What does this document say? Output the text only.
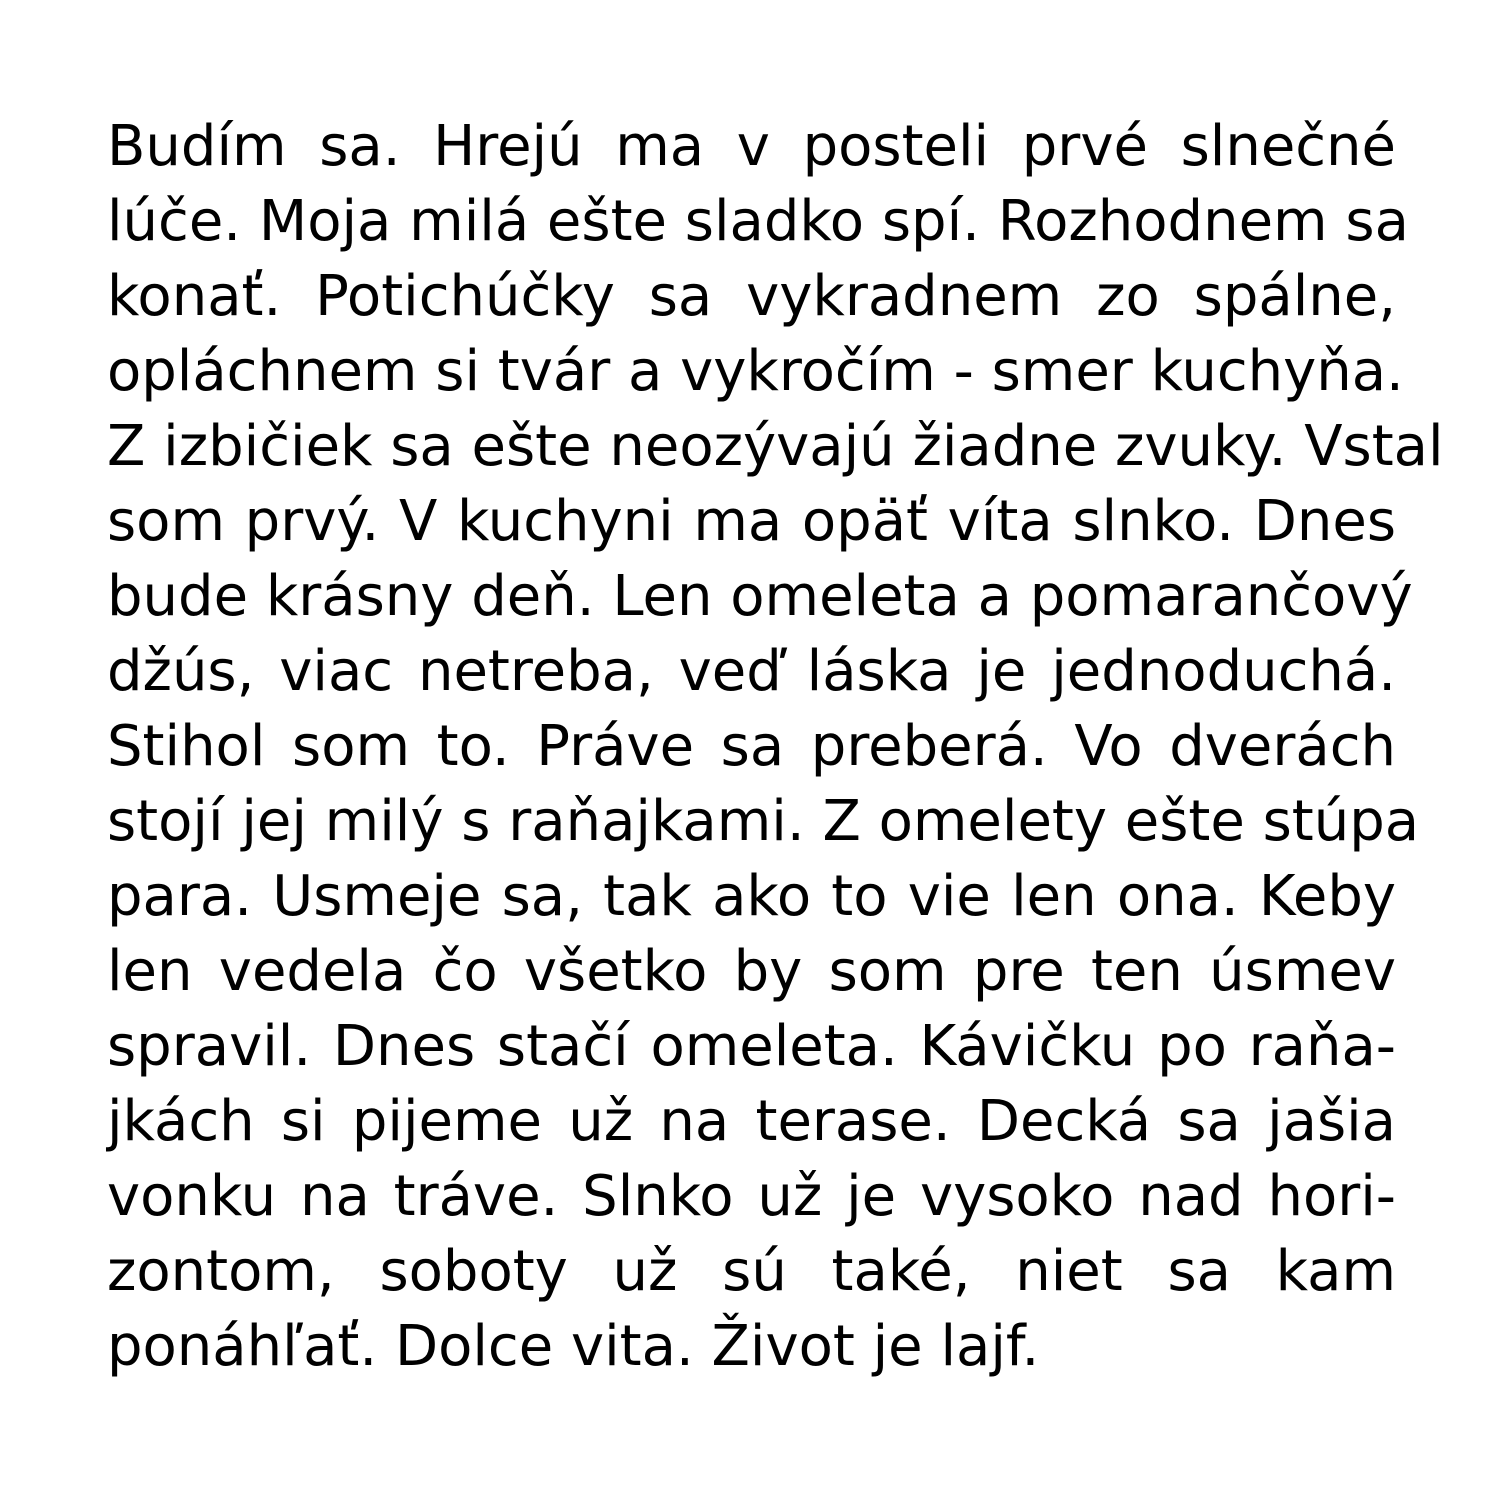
Budím sa. Hrejú ma v posteli prvé slnečné
lúče. Moja milá ešte sladko spí. Rozhodnem sa
konať. Potichúčky sa vykradnem zo spálne,
opláchnem si tvár a vykročím - smer kuchyňa.
Z izbičiek sa ešte neozývajú žiadne zvuky. Vstal
som prvý. V kuchyni ma opäť víta slnko. Dnes
bude krásny deň. Len omeleta a pomarančový
džús, viac netreba, veď láska je jednoduchá.
Stihol som to. Práve sa preberá. Vo dverách
stojí jej milý s raňajkami. Z omelety ešte stúpa
para. Usmeje sa, tak ako to vie len ona. Keby
len vedela čo všetko by som pre ten úsmev
spravil. Dnes stačí omeleta. Kávičku po raňa-
jkách si pijeme už na terase. Decká sa jašia
vonku na tráve. Slnko už je vysoko nad hori-
zontom, soboty už sú také, niet sa kam
ponáhľať. Dolce vita. Život je lajf.
